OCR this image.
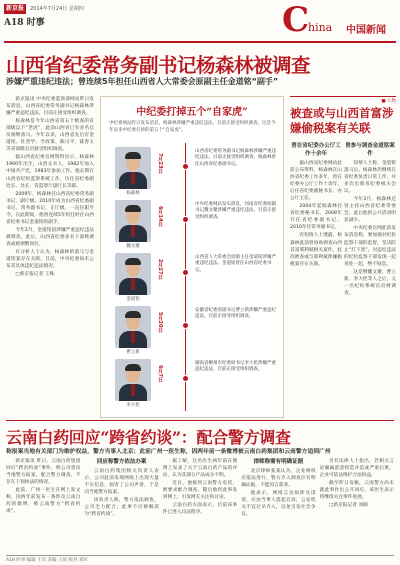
新京报	2014年7月24日 星期四
A18 时事	C
hina 中国新闻
山西省纪委常务副书记杨森林被调查
涉嫌严重违纪违法；曾连续5年担任山西省人大常委会原副主任金道铭“副手”

新京报讯 中央纪委监察部网站昨日发布消息，山西省纪委常务副书记杨森林涉嫌严重违纪违法，目前正接受组织调查。

杨森林是今年山西省第五个被查的省部级以下“老虎”，此前山西省已有多名官员相继落马。今年以来，山西省先后有金道铭、杜善学、令政策、陈川平、聂春玉等省部级官员接受组织调查。

据山西省纪委官网资料显示，杨森林1960年出生，山西文水人，1982年加入中国共产党，1983年参加工作。他长期在山西省纪检监察系统工作，历任省纪委副处长、处长、省监察厅副厅长等职。

2009年，杨森林任山西省纪委常务副书记，副厅级。2010年成为山西省纪委副书记、常务副书记，正厅级，一直任职至今。在此期间，他曾连续5年担任时任山西省纪委书记金道铭的副手。

今年2月，金道铭因涉嫌严重违纪违法被调查。此后，山西省纪委多名干部被调查或被调整岗位。

有分析人士认为，杨森林的落马与金道铭案存在关联。目前，中央纪委尚未公布其具体违纪违法情况。

□新京报记者 王姝

中纪委打掉五个“自家虎”
中纪委网站昨日发布消息，杨森林涉嫌严重违纪违法，目前正接受组织调查。这是今年以来中纪委打掉的第五个“自家虎”。
杨森林
7月23日
山西省纪委常务副书记杨森林涉嫌严重违纪违法，目前正接受组织调查。杨森林曾任山西省纪委副书记。
魏文聚
6月14日
中央纪委网站发布消息，河南省纪委原副书记魏文聚涉嫌严重违纪违法，目前正接受组织调查。
金道铭
2月27日
山西省人大常委会原副主任金道铭涉嫌严重违纪违法。金道铭曾任山西省纪委书记。
曹立新
5月20日
安徽省纪委原副书记曹立新涉嫌严重违纪违法，目前正接受组织调查。
李大伦
6月7日
湖南省郴州市纪委原书记李大伦涉嫌严重违纪违法，目前正接受组织调查。
■ 人物
被查或与山西首富涉嫌偷税案有关联
曾在省纪委办公厅工作十余年

据山西省纪委网站此前公布资料，杨森林在山西省纪委工作多年，曾在纪委办公厅工作十余年，后任省纪委副秘书长、办公厅主任。

2004年起杨森林任省纪委秘书长，2008年升任省纪委副书记，2010年任常务副书记。

有知情人士透露，杨森林此前曾协助调查山西首富邢利斌相关案件，此次被查或与邢利斌涉嫌偷税案存在关联。

曾参与调查金道铭案件

知情人士称，金道铭落马后，杨森林仍继续在省纪委负责日常工作，并多次出席省纪委相关会议。

今年3月，杨森林还曾主持山西省纪委常委会。此后他的公开活动明显减少。

中央纪委官网此前发布消息称，要加强对纪检监察干部的监督，坚决防止“灯下黑”，对违纪违法的纪检监察干部发现一起查处一起，绝不姑息。

这是继魏文聚、曹立新、李大伦等人之后，又一名纪检系统官员被调查。

云南白药回应“跨省约谈”：配合警方调查
称报案当地有关部门为维护权益，警方当事人北京；此前广州一医生称，因两年前一条微博被云南白药集团和云南警方追到广州

新京报讯 昨日，云南白药集团回应“跨省约谈”事件，称公司曾向当地警方报案，配合警方调查，不存在干预执法的情况。

此前，广州一医生在网上发文称，因两年前发布一条涉及云南白药的微博，被云南警方“跨省约谈”。

回应称警方依法办案

云南白药集团相关负责人表示，公司此前发现网络上出现大量不实信息，损害了公司声誉，于是向当地警方报案。

该负责人称，警方依法调查，公司全力配合，此事不应被解读为“跨省约谈”。

据了解，这名医生两年前在微博上发表了关于云南白药产品的评论，认为其部分产品成分不明。

近日，他接到云南警方电话，被要求配合调查。随后他将此事发到网上，引发网友关注和讨论。

云南白药方面表示，目前该事件已进入司法程序。

律师称需有明确证据

北京律师张某认为，企业维权应依法进行，警方介入调查应有明确证据，不能因言获罪。

他表示，网络言论如涉及诽谤，应由当事人提起自诉，公安机关不宜过早介入，以免引发社会争议。

另有法律人士指出，若相关言论确属恶意捏造并造成严重后果，企业可依法维护合法权益。

截至昨日发稿，云南警方尚未就此事作出公开回应。该医生表示将继续关注事件进展。

□新京报记者 刘刚

A18 时事 编辑 王军 美编 王瑶 校对 刘军
